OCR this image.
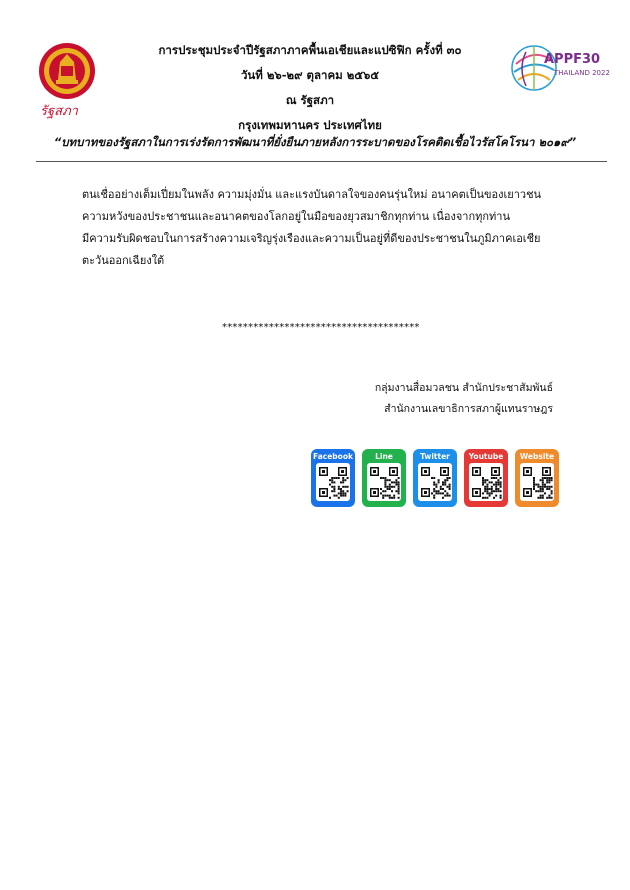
รัฐสภา
APPF30
THAILAND 2022
การประชุมประจำปีรัฐสภาภาคพื้นเอเชียและแปซิฟิก ครั้งที่ ๓๐
วันที่ ๒๖-๒๙ ตุลาคม ๒๕๖๕
ณ รัฐสภา
กรุงเทพมหานคร ประเทศไทย
“บทบาทของรัฐสภาในการเร่งรัดการพัฒนาที่ยั่งยืนภายหลังการระบาดของโรคติดเชื้อไวรัสโคโรนา ๒๐๑๙”
ตนเชื่ออย่างเต็มเปี่ยมในพลัง ความมุ่งมั่น และแรงบันดาลใจของคนรุ่นใหม่ อนาคตเป็นของเยาวชน
ความหวังของประชาชนและอนาคตของโลกอยู่ในมือของยุวสมาชิกทุกท่าน เนื่องจากทุกท่าน
มีความรับผิดชอบในการสร้างความเจริญรุ่งเรืองและความเป็นอยู่ที่ดีของประชาชนในภูมิภาคเอเชีย
ตะวันออกเฉียงใต้
**************************************
กลุ่มงานสื่อมวลชน สำนักประชาสัมพันธ์
สำนักงานเลขาธิการสภาผู้แทนราษฎร
Facebook	Line	Twitter	Youtube	Website
